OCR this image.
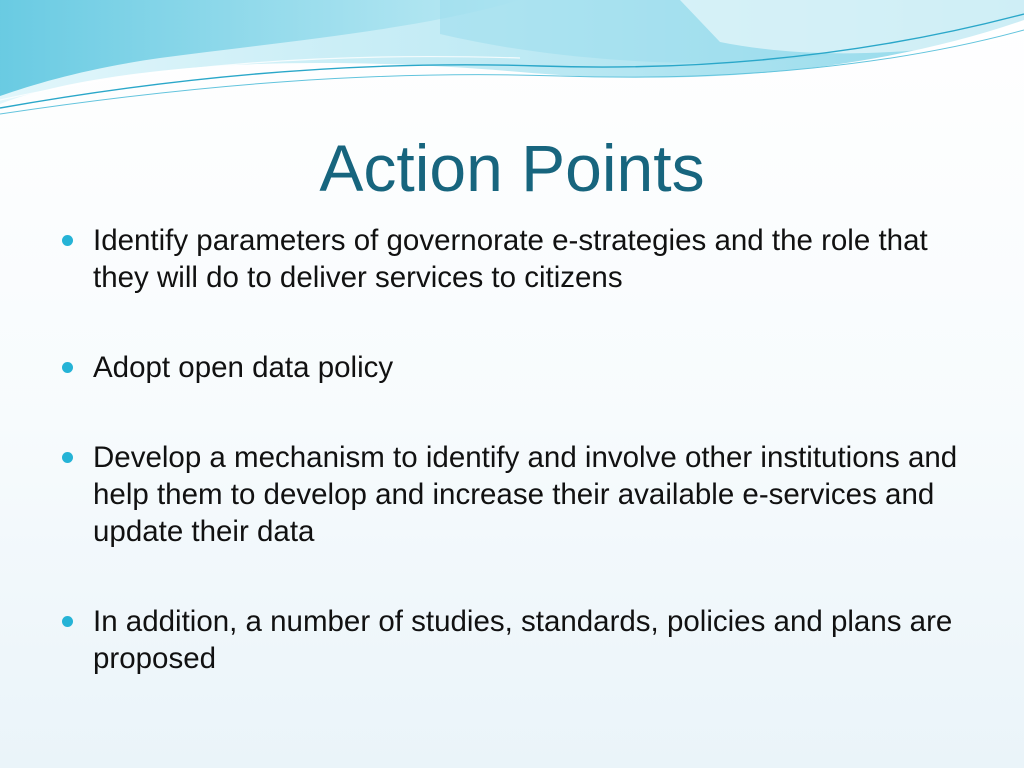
Action Points
Identify parameters of governorate e-strategies and the role that they will do to deliver services to citizens
Adopt open data policy
Develop a mechanism to identify and involve other institutions and help them to develop and increase their available e-services and update their data
In addition, a number of studies, standards, policies and plans are proposed
